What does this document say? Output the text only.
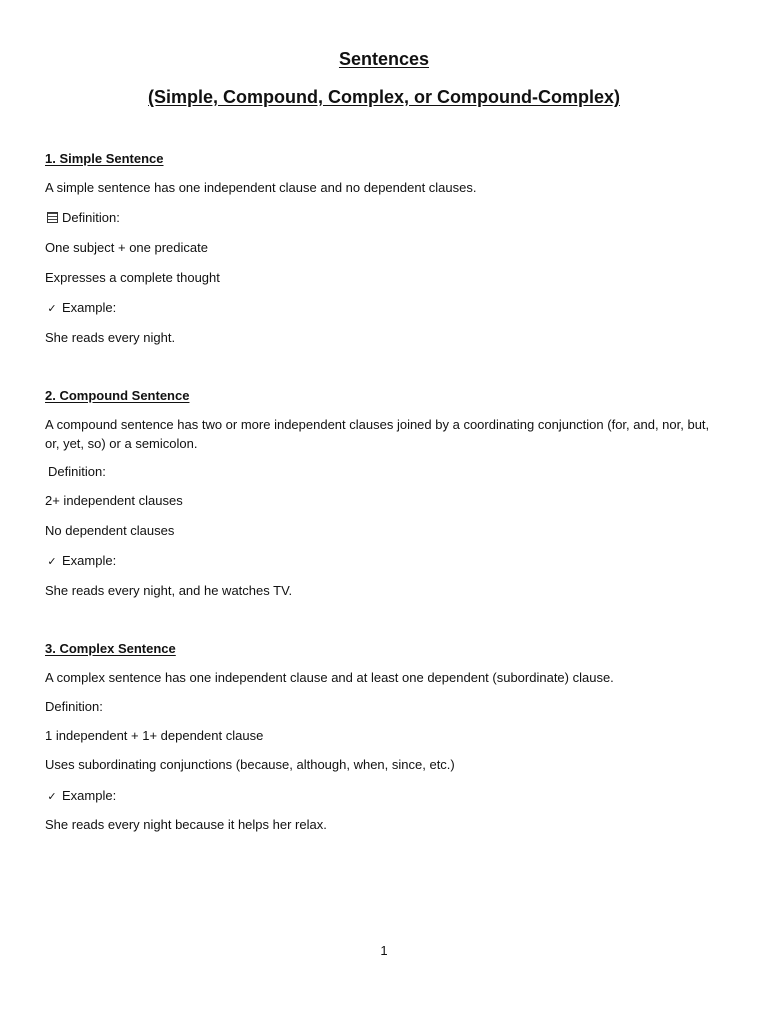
Sentences
(Simple, Compound, Complex, or Compound-Complex)
1. Simple Sentence
A simple sentence has one independent clause and no dependent clauses.
Definition:
One subject + one predicate
Expresses a complete thought
✓ Example:
She reads every night.
2. Compound Sentence
A compound sentence has two or more independent clauses joined by a coordinating conjunction (for, and, nor, but, or, yet, so) or a semicolon.
Definition:
2+ independent clauses
No dependent clauses
✓ Example:
She reads every night, and he watches TV.
3. Complex Sentence
A complex sentence has one independent clause and at least one dependent (subordinate) clause.
Definition:
1 independent + 1+ dependent clause
Uses subordinating conjunctions (because, although, when, since, etc.)
✓ Example:
She reads every night because it helps her relax.
1
